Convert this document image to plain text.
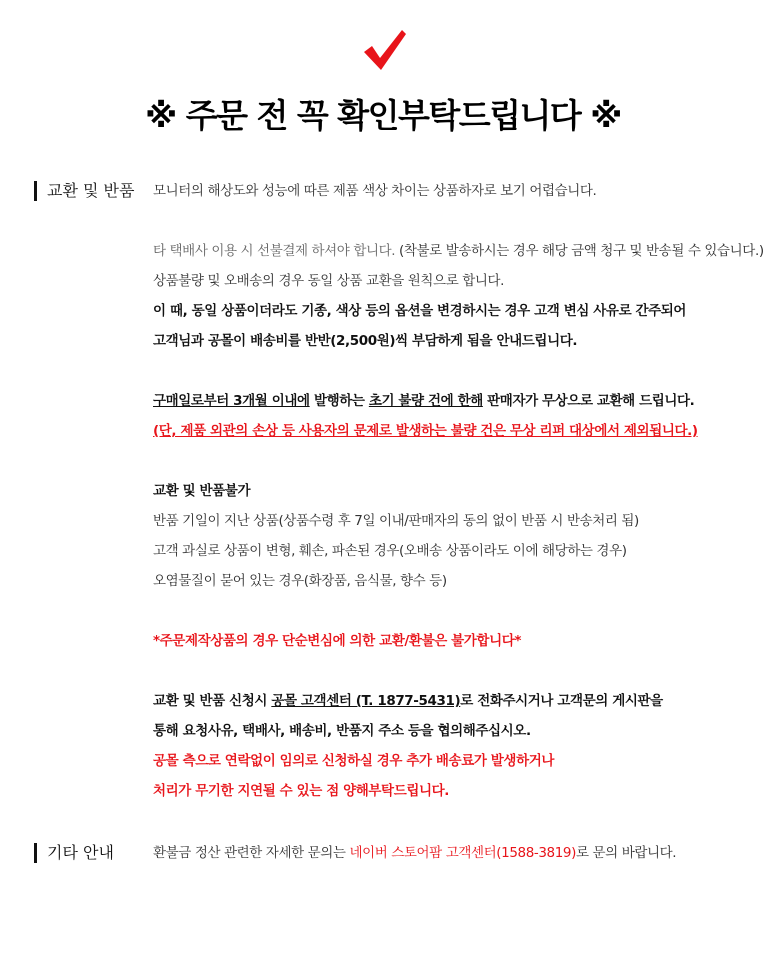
※ 주문 전 꼭 확인부탁드립니다 ※
교환 및 반품 모니터의 해상도와 성능에 따른 제품 색상 차이는 상품하자로 보기 어렵습니다.
타 택배사 이용 시 선불결제 하셔야 합니다. (착불로 발송하시는 경우 해당 금액 청구 및 반송될 수 있습니다.)
상품불량 및 오배송의 경우 동일 상품 교환을 원칙으로 합니다.
이 때, 동일 상품이더라도 기종, 색상 등의 옵션을 변경하시는 경우 고객 변심 사유로 간주되어
고객님과 공몰이 배송비를 반반(2,500원)씩 부담하게 됨을 안내드립니다.
구매일로부터 3개월 이내에 발행하는 초기 불량 건에 한해 판매자가 무상으로 교환해 드립니다.
(단, 제품 외관의 손상 등 사용자의 문제로 발생하는 불량 건은 무상 리퍼 대상에서 제외됩니다.)
교환 및 반품불가
반품 기일이 지난 상품(상품수령 후 7일 이내/판매자의 동의 없이 반품 시 반송처리 됨)
고객 과실로 상품이 변형, 훼손, 파손된 경우(오배송 상품이라도 이에 해당하는 경우)
오염물질이 묻어 있는 경우(화장품, 음식물, 향수 등)
*주문제작상품의 경우 단순변심에 의한 교환/환불은 불가합니다*
교환 및 반품 신청시 공몰 고객센터 (T. 1877-5431)로 전화주시거나 고객문의 게시판을
통해 요청사유, 택배사, 배송비, 반품지 주소 등을 협의해주십시오.
공몰 측으로 연락없이 임의로 신청하실 경우 추가 배송료가 발생하거나
처리가 무기한 지연될 수 있는 점 양해부탁드립니다.
기타 안내	환불금 정산 관련한 자세한 문의는 네이버 스토어팜 고객센터(1588-3819)로 문의 바랍니다.
